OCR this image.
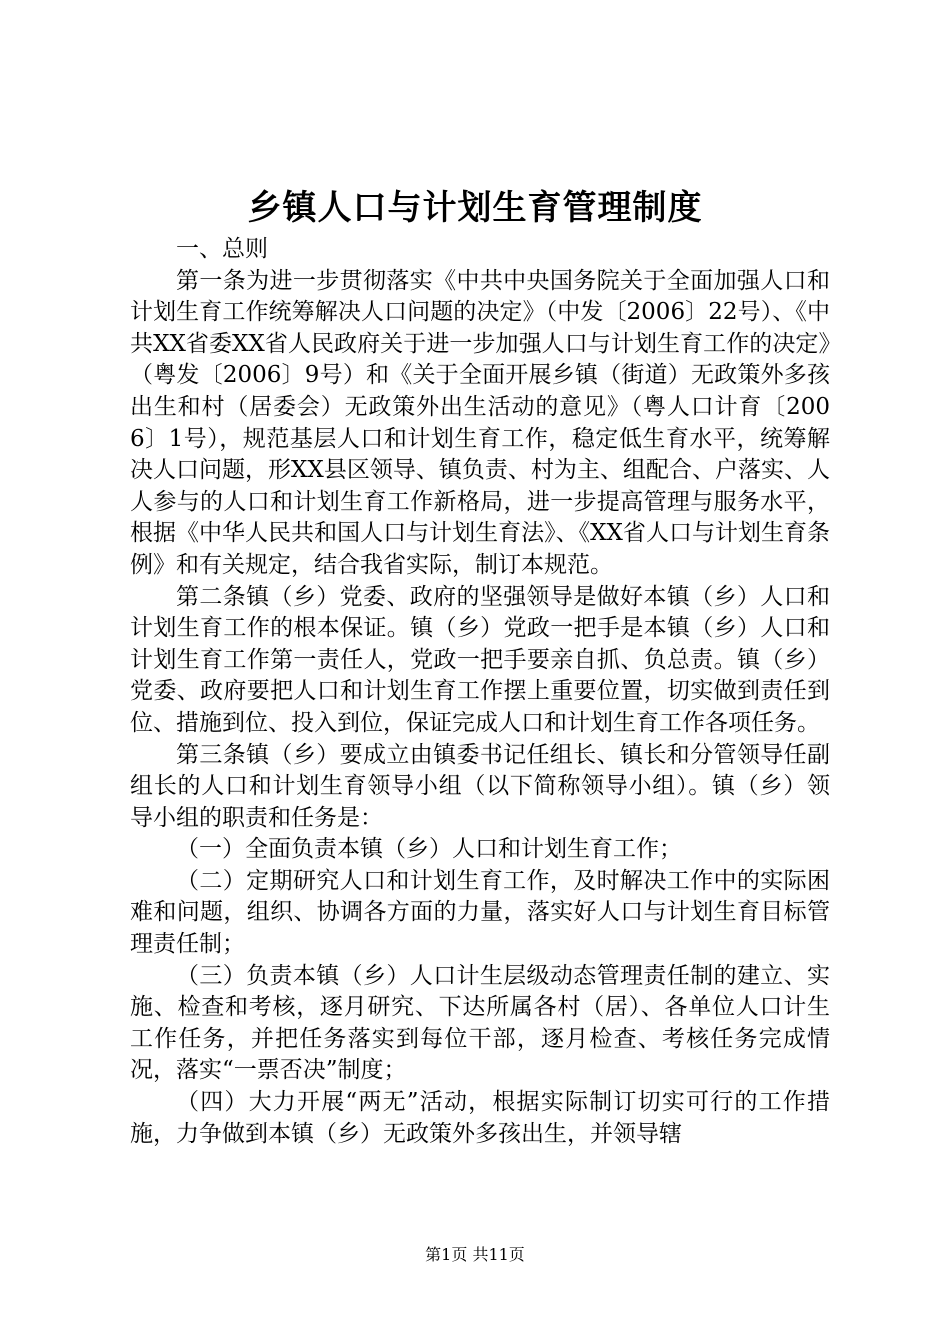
乡镇人口与计划生育管理制度

一、总则

第一条为进一步贯彻落实《中共中央国务院关于全面加强人口和计划生育工作统筹解决人口问题的决定》（中发〔2006〕22号）、《中共XX省委XX省人民政府关于进一步加强人口与计划生育工作的决定》（粤发〔2006〕9号）和《关于全面开展乡镇（街道）无政策外多孩出生和村（居委会）无政策外出生活动的意见》（粤人口计育〔2006〕1号），规范基层人口和计划生育工作，稳定低生育水平，统筹解决人口问题，形XX县区领导、镇负责、村为主、组配合、户落实、人人参与的人口和计划生育工作新格局，进一步提高管理与服务水平，根据《中华人民共和国人口与计划生育法》、《XX省人口与计划生育条例》和有关规定，结合我省实际，制订本规范。

第二条镇（乡）党委、政府的坚强领导是做好本镇（乡）人口和计划生育工作的根本保证。镇（乡）党政一把手是本镇（乡）人口和计划生育工作第一责任人，党政一把手要亲自抓、负总责。镇（乡）党委、政府要把人口和计划生育工作摆上重要位置，切实做到责任到位、措施到位、投入到位，保证完成人口和计划生育工作各项任务。

第三条镇（乡）要成立由镇委书记任组长、镇长和分管领导任副组长的人口和计划生育领导小组（以下简称领导小组）。镇（乡）领导小组的职责和任务是：

（一）全面负责本镇（乡）人口和计划生育工作；

（二）定期研究人口和计划生育工作，及时解决工作中的实际困难和问题，组织、协调各方面的力量，落实好人口与计划生育目标管理责任制；

（三）负责本镇（乡）人口计生层级动态管理责任制的建立、实施、检查和考核，逐月研究、下达所属各村（居）、各单位人口计生工作任务，并把任务落实到每位干部，逐月检查、考核任务完成情况，落实“一票否决”制度；

（四）大力开展“两无”活动，根据实际制订切实可行的工作措施，力争做到本镇（乡）无政策外多孩出生，并领导辖

第1页 共11页
